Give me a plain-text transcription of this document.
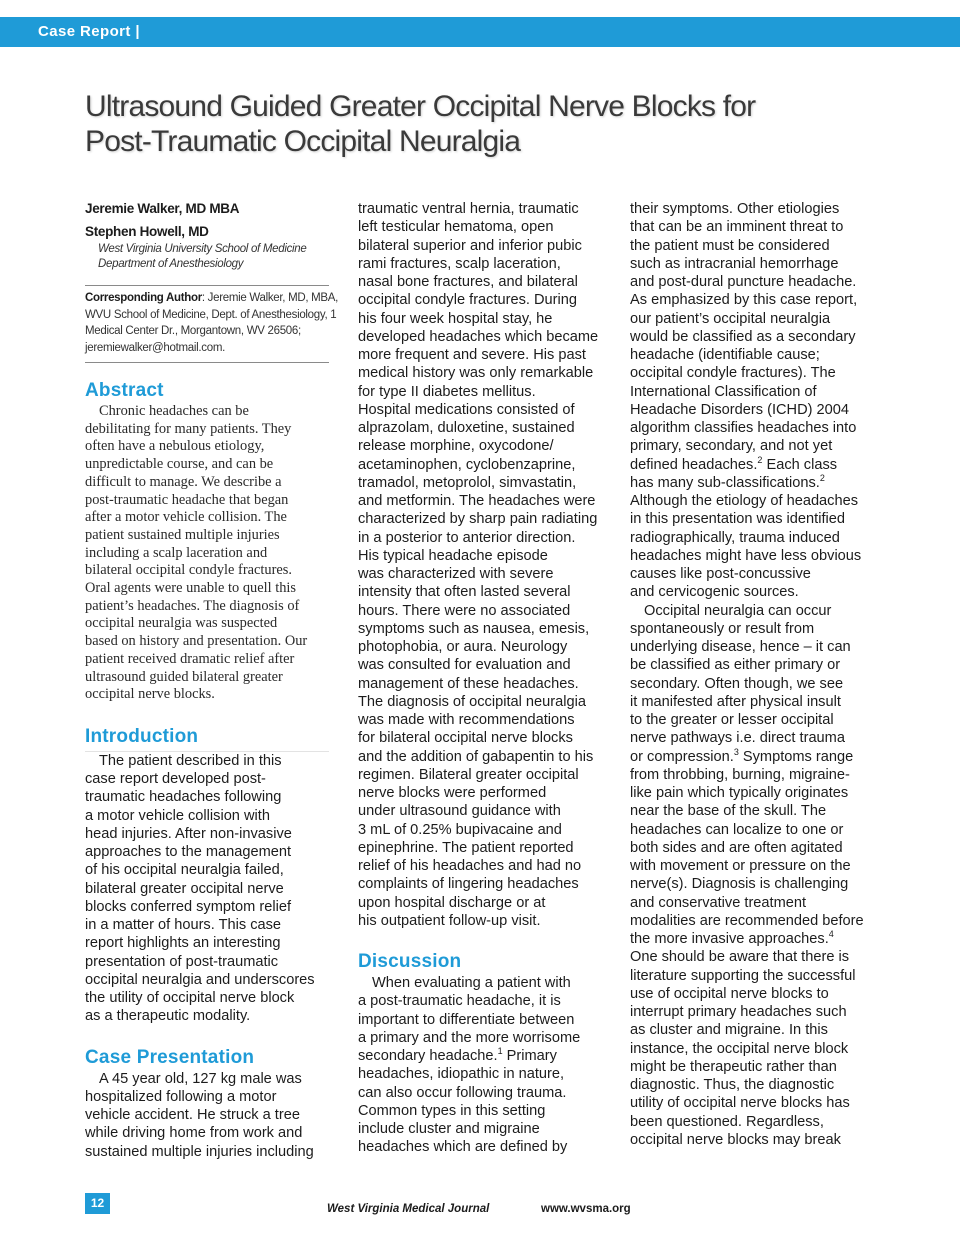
Case Report |
Ultrasound Guided Greater Occipital Nerve Blocks for
Post-Traumatic Occipital Neuralgia
Jeremie Walker, MD MBA
Stephen Howell, MD
West Virginia University School of Medicine
Department of Anesthesiology
Corresponding Author: Jeremie Walker, MD, MBA,
WVU School of Medicine, Dept. of Anesthesiology, 1
Medical Center Dr., Morgantown, WV 26506;
jeremiewalker@hotmail.com.
Abstract
Chronic headaches can be
debilitating for many patients. They
often have a nebulous etiology,
unpredictable course, and can be
difficult to manage. We describe a
post-traumatic headache that began
after a motor vehicle collision. The
patient sustained multiple injuries
including a scalp laceration and
bilateral occipital condyle fractures.
Oral agents were unable to quell this
patient’s headaches. The diagnosis of
occipital neuralgia was suspected
based on history and presentation. Our
patient received dramatic relief after
ultrasound guided bilateral greater
occipital nerve blocks.
Introduction
The patient described in this
case report developed post-
traumatic headaches following
a motor vehicle collision with
head injuries. After non-invasive
approaches to the management
of his occipital neuralgia failed,
bilateral greater occipital nerve
blocks conferred symptom relief
in a matter of hours. This case
report highlights an interesting
presentation of post-traumatic
occipital neuralgia and underscores
the utility of occipital nerve block
as a therapeutic modality.
Case Presentation
A 45 year old, 127 kg male was
hospitalized following a motor
vehicle accident. He struck a tree
while driving home from work and
sustained multiple injuries including
traumatic ventral hernia, traumatic
left testicular hematoma, open
bilateral superior and inferior pubic
rami fractures, scalp laceration,
nasal bone fractures, and bilateral
occipital condyle fractures. During
his four week hospital stay, he
developed headaches which became
more frequent and severe. His past
medical history was only remarkable
for type II diabetes mellitus.
Hospital medications consisted of
alprazolam, duloxetine, sustained
release morphine, oxycodone/
acetaminophen, cyclobenzaprine,
tramadol, metoprolol, simvastatin,
and metformin. The headaches were
characterized by sharp pain radiating
in a posterior to anterior direction.
His typical headache episode
was characterized with severe
intensity that often lasted several
hours. There were no associated
symptoms such as nausea, emesis,
photophobia, or aura. Neurology
was consulted for evaluation and
management of these headaches.
The diagnosis of occipital neuralgia
was made with recommendations
for bilateral occipital nerve blocks
and the addition of gabapentin to his
regimen. Bilateral greater occipital
nerve blocks were performed
under ultrasound guidance with
3 mL of 0.25% bupivacaine and
epinephrine. The patient reported
relief of his headaches and had no
complaints of lingering headaches
upon hospital discharge or at
his outpatient follow-up visit.
Discussion
When evaluating a patient with
a post-traumatic headache, it is
important to differentiate between
a primary and the more worrisome
secondary headache.$^1$ Primary
headaches, idiopathic in nature,
can also occur following trauma.
Common types in this setting
include cluster and migraine
headaches which are defined by
their symptoms. Other etiologies
that can be an imminent threat to
the patient must be considered
such as intracranial hemorrhage
and post-dural puncture headache.
As emphasized by this case report,
our patient’s occipital neuralgia
would be classified as a secondary
headache (identifiable cause;
occipital condyle fractures). The
International Classification of
Headache Disorders (ICHD) 2004
algorithm classifies headaches into
primary, secondary, and not yet
defined headaches.$^2$ Each class
has many sub-classifications.$^2$
Although the etiology of headaches
in this presentation was identified
radiographically, trauma induced
headaches might have less obvious
causes like post-concussive
and cervicogenic sources.
Occipital neuralgia can occur
spontaneously or result from
underlying disease, hence – it can
be classified as either primary or
secondary. Often though, we see
it manifested after physical insult
to the greater or lesser occipital
nerve pathways i.e. direct trauma
or compression.$^3$ Symptoms range
from throbbing, burning, migraine-
like pain which typically originates
near the base of the skull. The
headaches can localize to one or
both sides and are often agitated
with movement or pressure on the
nerve(s). Diagnosis is challenging
and conservative treatment
modalities are recommended before
the more invasive approaches.$^4$
One should be aware that there is
literature supporting the successful
use of occipital nerve blocks to
interrupt primary headaches such
as cluster and migraine. In this
instance, the occipital nerve block
might be therapeutic rather than
diagnostic. Thus, the diagnostic
utility of occipital nerve blocks has
been questioned. Regardless,
occipital nerve blocks may break
12	West Virginia Medical Journal	www.wvsma.org
